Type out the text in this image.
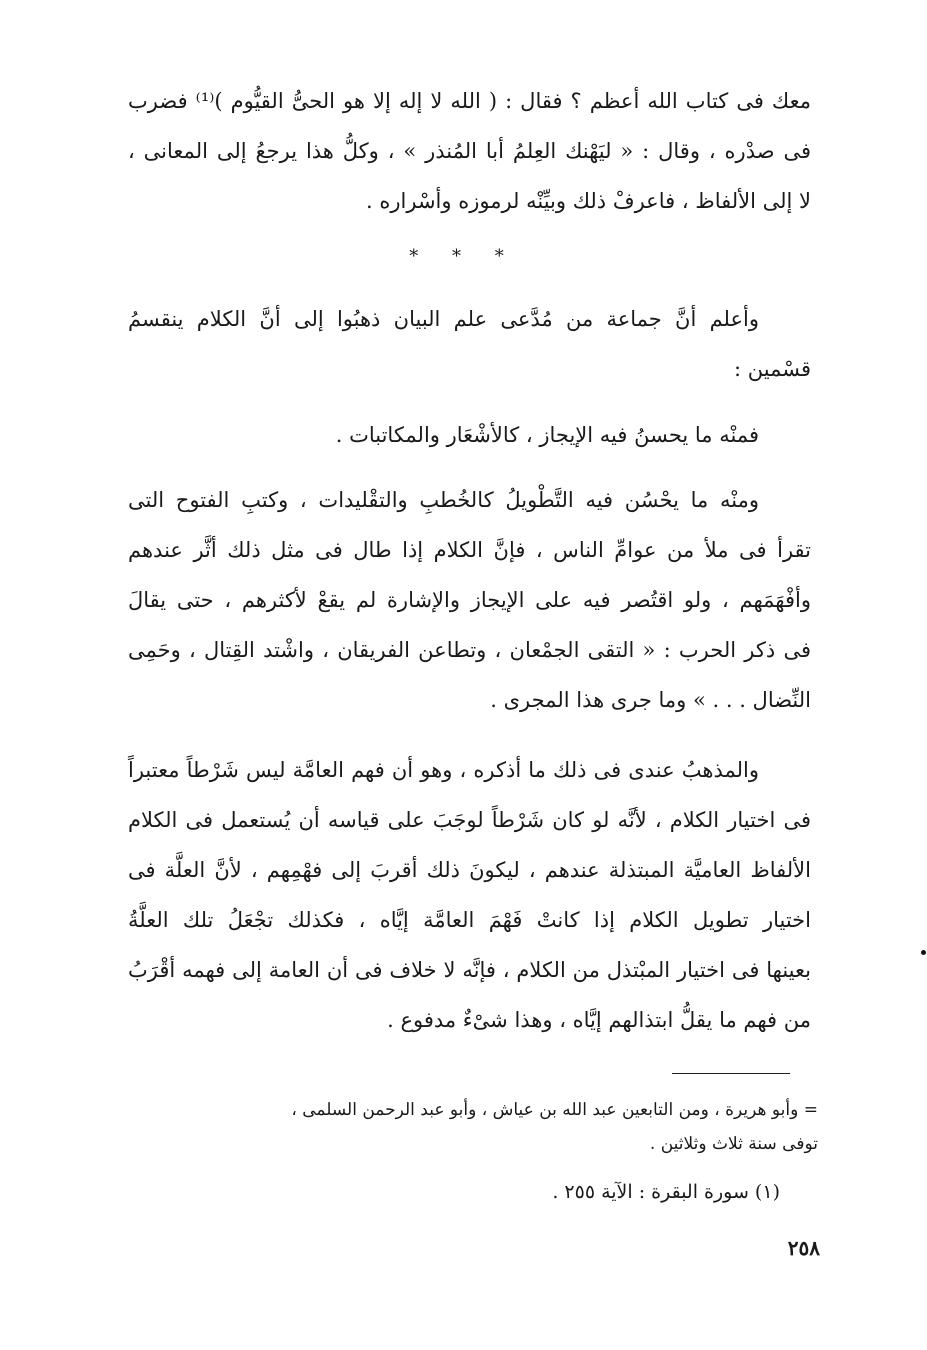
معك فى كتاب الله أعظم ؟ فقال : ( الله لا إله إلا هو الحىُّ القيُّوم )⁽¹⁾ فضرب
فى صدْره ، وقال : « ليَهْنك العِلمُ أبا المُنذر » ، وكلُّ هذا يرجعُ إلى المعانى ،
لا إلى الألفاظ ، فاعرفْ ذلك وبيِّنْه لرموزه وأسْراره .
* * *
وأعلم أنَّ جماعة من مُدَّعى علم البيان ذهبُوا إلى أنَّ الكلام ينقسمُ
قسْمين :
فمنْه ما يحسنُ فيه الإيجاز ، كالأشْعَار والمكاتبات .
ومنْه ما يحْسُن فيه التَّطْويلُ كالخُطبِ والتقْليدات ، وكتبِ الفتوح التى
تقرأ فى ملأ من عوامِّ الناس ، فإنَّ الكلام إذا طال فى مثل ذلك أثَّر عندهم
وأفْهَمَهم ، ولو اقتُصر فيه على الإيجاز والإشارة لم يقعْ لأكثرهم ، حتى يقالَ
فى ذكر الحرب : « التقى الجمْعان ، وتطاعن الفريقان ، واشْتد القِتال ، وحَمِى
النِّضال . . . » وما جرى هذا المجرى .
والمذهبُ عندى فى ذلك ما أذكره ، وهو أن فهم العامَّة ليس شَرْطاً معتبراً
فى اختيار الكلام ، لأنَّه لو كان شَرْطاً لوجَبَ على قياسه أن يُستعمل فى الكلام
الألفاظ العاميَّة المبتذلة عندهم ، ليكونَ ذلك أقربَ إلى فهْمِهم ، لأنَّ العلَّة فى
اختيار تطويل الكلام إذا كانتْ فَهْمَ العامَّة إيَّاه ، فكذلك تجْعَلُ تلك العلَّةُ
بعينها فى اختيار المبْتذل من الكلام ، فإنَّه لا خلاف فى أن العامة إلى فهمه أقْرَبُ
من فهم ما يقلُّ ابتذالهم إيَّاه ، وهذا شىْءٌ مدفوع .
= وأبو هريرة ، ومن التابعين عبد الله بن عياش ، وأبو عبد الرحمن السلمى ،
توفى سنة ثلاث وثلاثين .
(١) سورة البقرة : الآية ٢٥٥ .
٢٥٨
